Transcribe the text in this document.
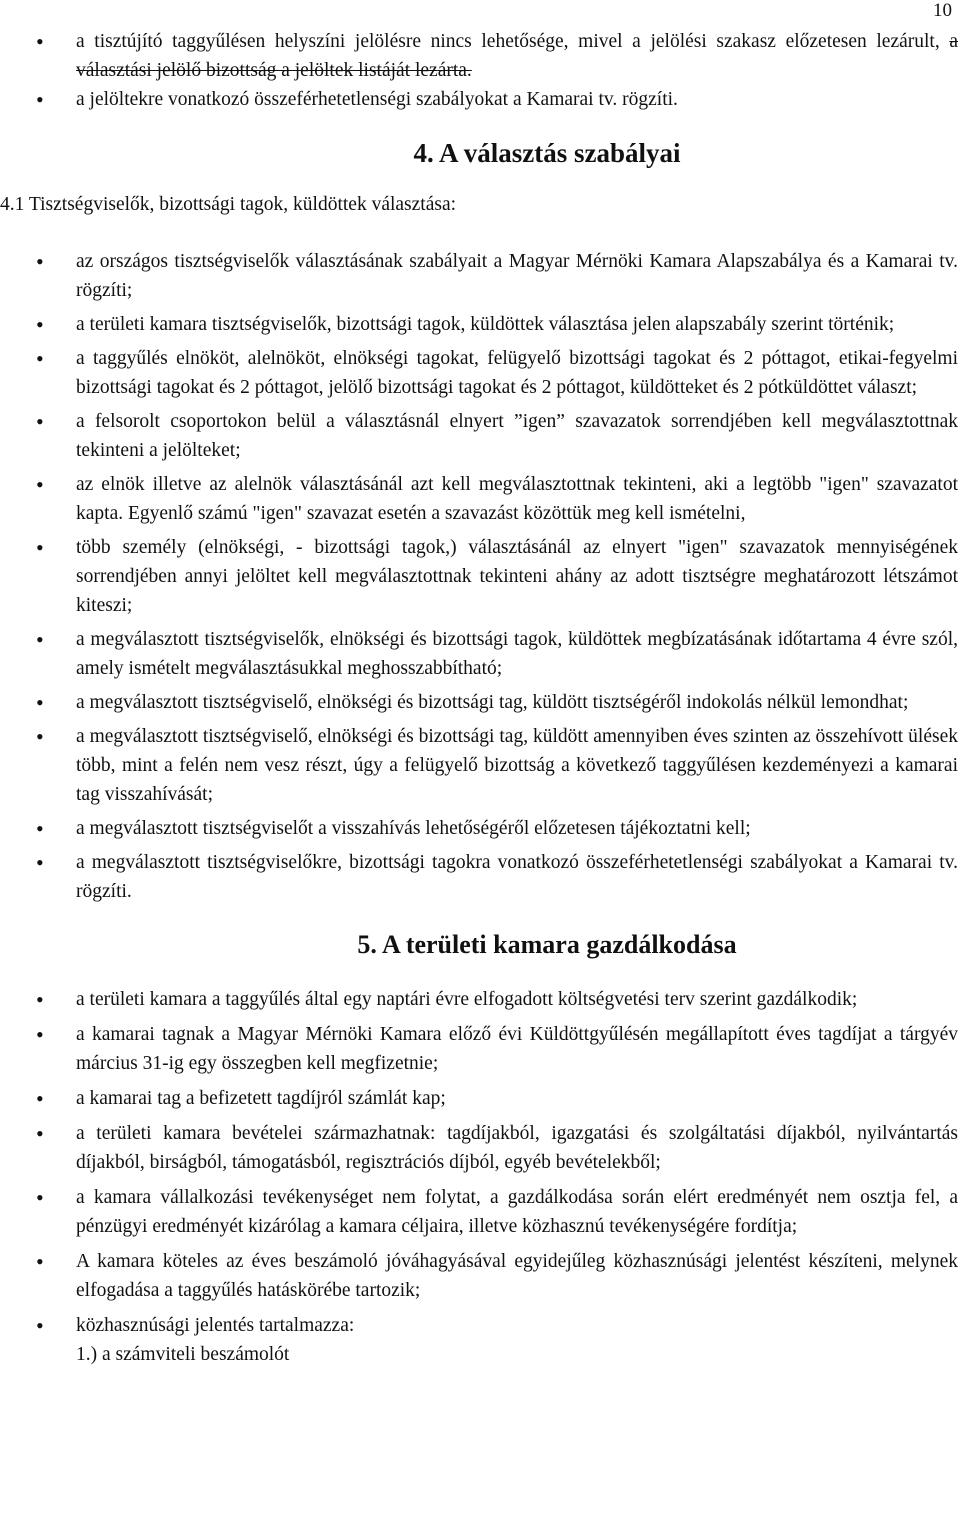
10
• a tisztújító taggyűlésen helyszíni jelölésre nincs lehetősége, mivel a jelölési szakasz előzetesen lezárult, a választási jelölő bizottság a jelöltek listáját lezárta.
• a jelöltekre vonatkozó összeférhetetlenségi szabályokat a Kamarai tv. rögzíti.
4. A választás szabályai
4.1 Tisztségviselők, bizottsági tagok, küldöttek választása:
• az országos tisztségviselők választásának szabályait a Magyar Mérnöki Kamara Alapszabálya és a Kamarai tv. rögzíti;
• a területi kamara tisztségviselők, bizottsági tagok, küldöttek választása jelen alapszabály szerint történik;
• a taggyűlés elnököt, alelnököt, elnökségi tagokat, felügyelő bizottsági tagokat és 2 póttagot, etikai-fegyelmi bizottsági tagokat és 2 póttagot, jelölő bizottsági tagokat és 2 póttagot, küldötteket és 2 pótküldöttet választ;
• a felsorolt csoportokon belül a választásnál elnyert ”igen” szavazatok sorrendjében kell megválasztottnak tekinteni a jelölteket;
• az elnök illetve az alelnök választásánál azt kell megválasztottnak tekinteni, aki a legtöbb "igen" szavazatot kapta. Egyenlő számú "igen" szavazat esetén a szavazást közöttük meg kell ismételni,
• több személy (elnökségi, - bizottsági tagok,) választásánál az elnyert "igen" szavazatok mennyiségének sorrendjében annyi jelöltet kell megválasztottnak tekinteni ahány az adott tisztségre meghatározott létszámot kiteszi;
• a megválasztott tisztségviselők, elnökségi és bizottsági tagok, küldöttek megbízatásának időtartama 4 évre szól, amely ismételt megválasztásukkal meghosszabbítható;
• a megválasztott tisztségviselő, elnökségi és bizottsági tag, küldött tisztségéről indokolás nélkül lemondhat;
• a megválasztott tisztségviselő, elnökségi és bizottsági tag, küldött amennyiben éves szinten az összehívott ülések több, mint a felén nem vesz részt, úgy a felügyelő bizottság a következő taggyűlésen kezdeményezi a kamarai tag visszahívását;
• a megválasztott tisztségviselőt a visszahívás lehetőségéről előzetesen tájékoztatni kell;
• a megválasztott tisztségviselőkre, bizottsági tagokra vonatkozó összeférhetetlenségi szabályokat a Kamarai tv. rögzíti.
5. A területi kamara gazdálkodása
• a területi kamara a taggyűlés által egy naptári évre elfogadott költségvetési terv szerint gazdálkodik;
• a kamarai tagnak a Magyar Mérnöki Kamara előző évi Küldöttgyűlésén megállapított éves tagdíjat a tárgyév március 31-ig egy összegben kell megfizetnie;
• a kamarai tag a befizetett tagdíjról számlát kap;
• a területi kamara bevételei származhatnak: tagdíjakból, igazgatási és szolgáltatási díjakból, nyilvántartás díjakból, birságból, támogatásból, regisztrációs díjból, egyéb bevételekből;
• a kamara vállalkozási tevékenységet nem folytat, a gazdálkodása során elért eredményét nem osztja fel, a pénzügyi eredményét kizárólag a kamara céljaira, illetve közhasznú tevékenységére fordítja;
• A kamara köteles az éves beszámoló jóváhagyásával egyidejűleg közhasznúsági jelentést készíteni, melynek elfogadása a taggyűlés hatáskörébe tartozik;
• közhasznúsági jelentés tartalmazza:
1.) a számviteli beszámolót
